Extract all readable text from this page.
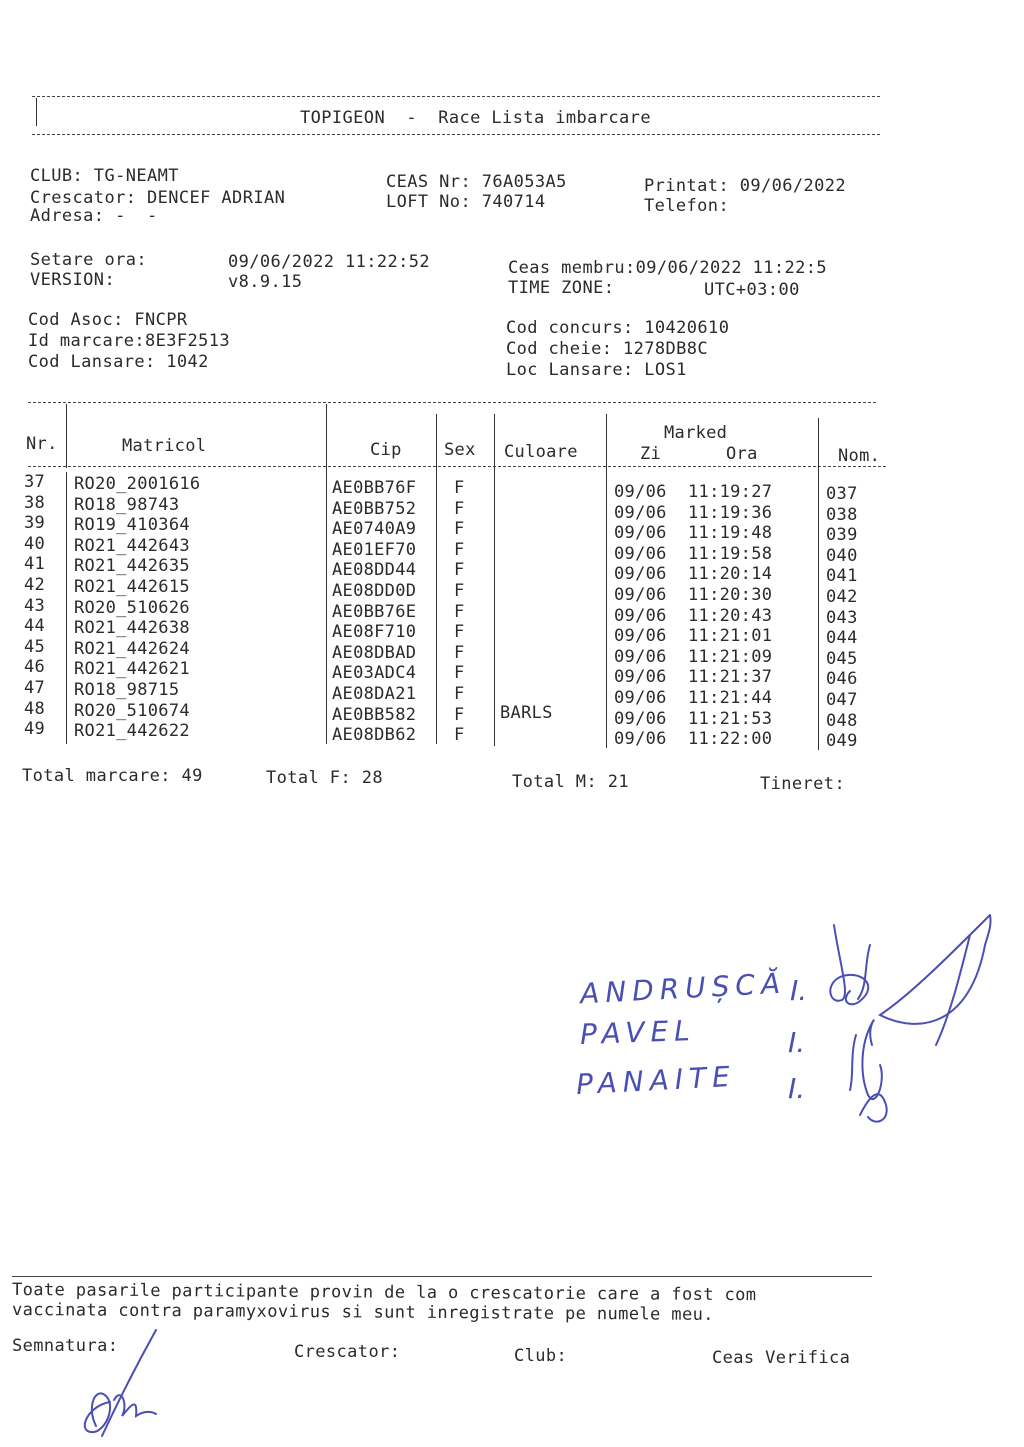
TOPIGEON  -  Race Lista imbarcare
CLUB: TG-NEAMT
Crescator: DENCEF ADRIAN
Adresa: -  -
CEAS Nr: 76A053A5
LOFT No: 740714
Printat: 09/06/2022
Telefon:
Setare ora:	09/06/2022 11:22:52
VERSION:	v8.9.15
Ceas membru:09/06/2022 11:22:5
TIME ZONE:	UTC+03:00
Cod Asoc: FNCPR
Id marcare:8E3F2513
Cod Lansare: 1042
Cod concurs: 10420610
Cod cheie: 1278DB8C
Loc Lansare: LOS1
Nr.	Matricol	Cip Sex Culoare
Marked
Zi	Ora	Nom.
37 RO20_2001616	AE0BB76F F	09/06 11:19:27	037
38 RO18_98743	AE0BB752 F	09/06 11:19:36	038
39 RO19_410364	AE0740A9 F	09/06 11:19:48	039
40 RO21_442643	AE01EF70 F	09/06 11:19:58	040
41 RO21_442635	AE08DD44 F	09/06 11:20:14	041
42 RO21_442615	AE08DD0D F	09/06 11:20:30	042
43 RO20_510626	AE0BB76E F	09/06 11:20:43	043
44 RO21_442638	AE08F710 F	09/06 11:21:01	044
45 RO21_442624	AE08DBAD F	09/06 11:21:09	045
46 RO21_442621	AE03ADC4 F	09/06 11:21:37	046
47 RO18_98715	AE08DA21 F	09/06 11:21:44	047
48 RO20_510674	AE0BB582 F BARLS	09/06 11:21:53	048
49 RO21_442622	AE08DB62 F	09/06 11:22:00	049
Total marcare: 49	Total F: 28	Total M: 21	Tineret:
ANDRUȘCĂ
PAVEL
PANAITE
I.
I.
I.
Toate pasarile participante provin de la o crescatorie care a fost com
vaccinata contra paramyxovirus si sunt inregistrate pe numele meu.
Semnatura:	Crescator:	Club:	Ceas Verifica
